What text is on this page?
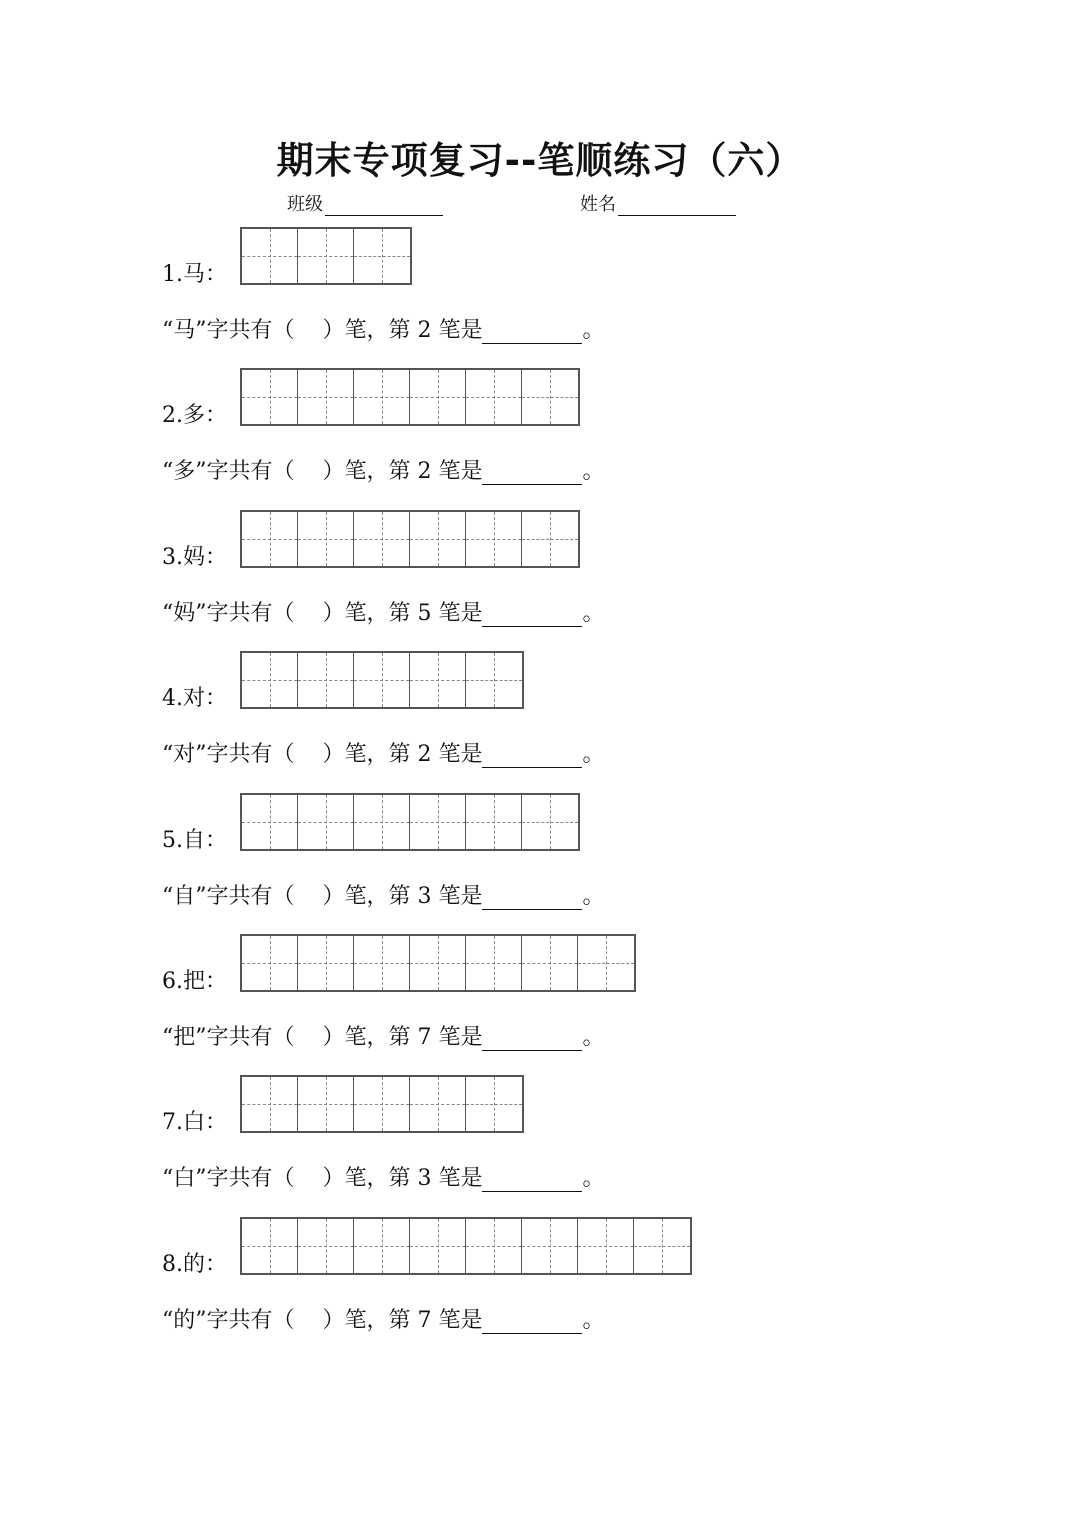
期末专项复习--笔顺练习（六）
班级	姓名
1.马：
“马”字共有（    ）笔，第 2 笔是	。
2.多：
“多”字共有（    ）笔，第 2 笔是	。
3.妈：
“妈”字共有（    ）笔，第 5 笔是	。
4.对：
“对”字共有（    ）笔，第 2 笔是	。
5.自：
“自”字共有（    ）笔，第 3 笔是	。
6.把：
“把”字共有（    ）笔，第 7 笔是	。
7.白：
“白”字共有（    ）笔，第 3 笔是	。
8.的：
“的”字共有（    ）笔，第 7 笔是	。
